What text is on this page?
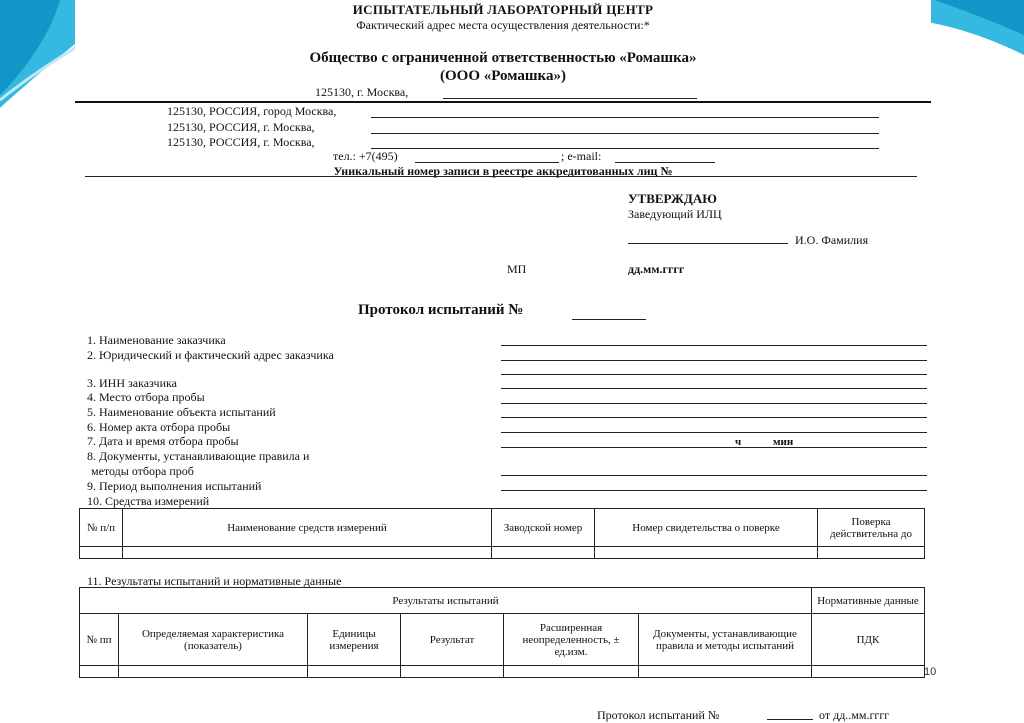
ИСПЫТАТЕЛЬНЫЙ ЛАБОРАТОРНЫЙ ЦЕНТР
Фактический адрес места осуществления деятельности:*
Общество с ограниченной ответственностью «Ромашка»
(ООО «Ромашка»)
125130, г. Москва,
125130, РОССИЯ, город Москва,
125130, РОССИЯ, г. Москва,
125130, РОССИЯ, г. Москва,
тел.: +7(495)	; e-mail:
Уникальный номер записи в реестре аккредитованных лиц №
УТВЕРЖДАЮ
Заведующий ИЛЦ
И.О. Фамилия
МП	дд.мм.гггг
Протокол испытаний №
1. Наименование заказчика
2. Юридический и фактический адрес заказчика
3. ИНН заказчика
4. Место отбора пробы
5. Наименование объекта испытаний
6. Номер акта отбора пробы
7. Дата и время отбора пробы
8. Документы, устанавливающие правила и
методы отбора проб
9. Период выполнения испытаний
10. Средства измерений
ч	мин
№ п/п	Наименование средств измерений	Заводской номер	Номер свидетельства о поверке	Поверка действительна до

11. Результаты испытаний и нормативные данные
Результаты испытаний						Нормативные данные
№ пп	Определяемая характеристика (показатель)	Единицы измерения	Результат	Расширенная неопределенность, ± ед.изм.	Документы, устанавливающие правила и методы испытаний	ПДК

Протокол испытаний №	от дд..мм.гггг
10
